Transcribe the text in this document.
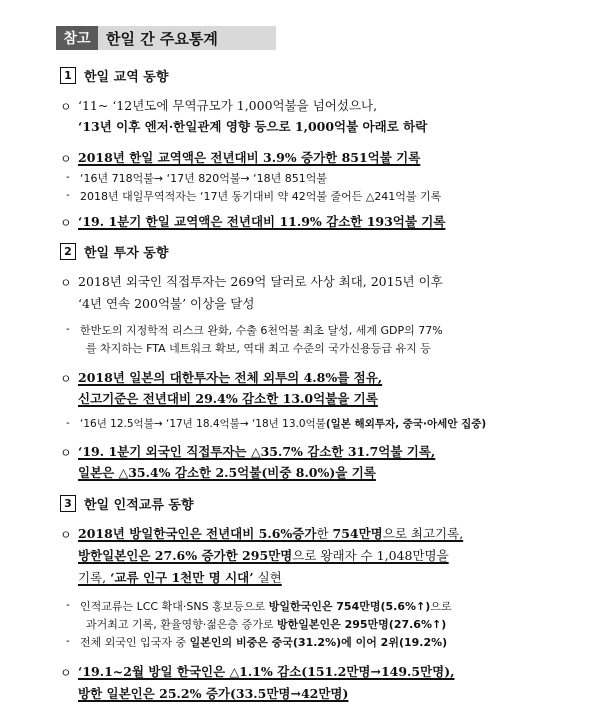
참고	한일 간 주요통계
1 한일 교역 동향
ㅇ ‘11~ ‘12년도에 무역규모가 1,000억불을 넘어섰으나,
‘13년 이후 엔저·한일관계 영향 등으로 1,000억불 아래로 하락
ㅇ 2018년 한일 교역액은 전년대비 3.9% 증가한 851억불 기록
- ‘16년 718억불→ ‘17년 820억불→ ‘18년 851억불
- 2018년 대일무역적자는 ‘17년 동기대비 약 42억불 줄어든 △241억불 기록
ㅇ ‘19. 1분기 한일 교역액은 전년대비 11.9% 감소한 193억불 기록
2 한일 투자 동향
ㅇ 2018년 외국인 직접투자는 269억 달러로 사상 최대, 2015년 이후
‘4년 연속 200억불’ 이상을 달성
- 한반도의 지정학적 리스크 완화, 수출 6천억불 최초 달성, 세계 GDP의 77%
를 차지하는 FTA 네트워크 확보, 역대 최고 수준의 국가신용등급 유지 등
ㅇ 2018년 일본의 대한투자는 전체 외투의 4.8%를 점유,
신고기준은 전년대비 29.4% 감소한 13.0억불을 기록
- ‘16년 12.5억불→ ‘17년 18.4억불→ ‘18년 13.0억불(일본 해외투자, 중국·아세안 집중)
ㅇ ‘19. 1분기 외국인 직접투자는 △35.7% 감소한 31.7억불 기록,
일본은 △35.4% 감소한 2.5억불(비중 8.0%)을 기록
3 한일 인적교류 동향
ㅇ 2018년 방일한국인은 전년대비 5.6%증가한 754만명으로 최고기록,
방한일본인은 27.6% 증가한 295만명으로 왕래자 수 1,048만명을
기록, ‘교류 인구 1천만 명 시대’ 실현
- 인적교류는 LCC 확대·SNS 홍보등으로 방일한국인은 754만명(5.6%↑)으로
과거최고 기록, 환율영향·젊은층 증가로 방한일본인은 295만명(27.6%↑)
- 전체 외국인 입국자 중 일본인의 비중은 중국(31.2%)에 이어 2위(19.2%)
ㅇ ‘19.1~2월 방일 한국인은 △1.1% 감소(151.2만명→149.5만명),
방한 일본인은 25.2% 증가(33.5만명→42만명)
